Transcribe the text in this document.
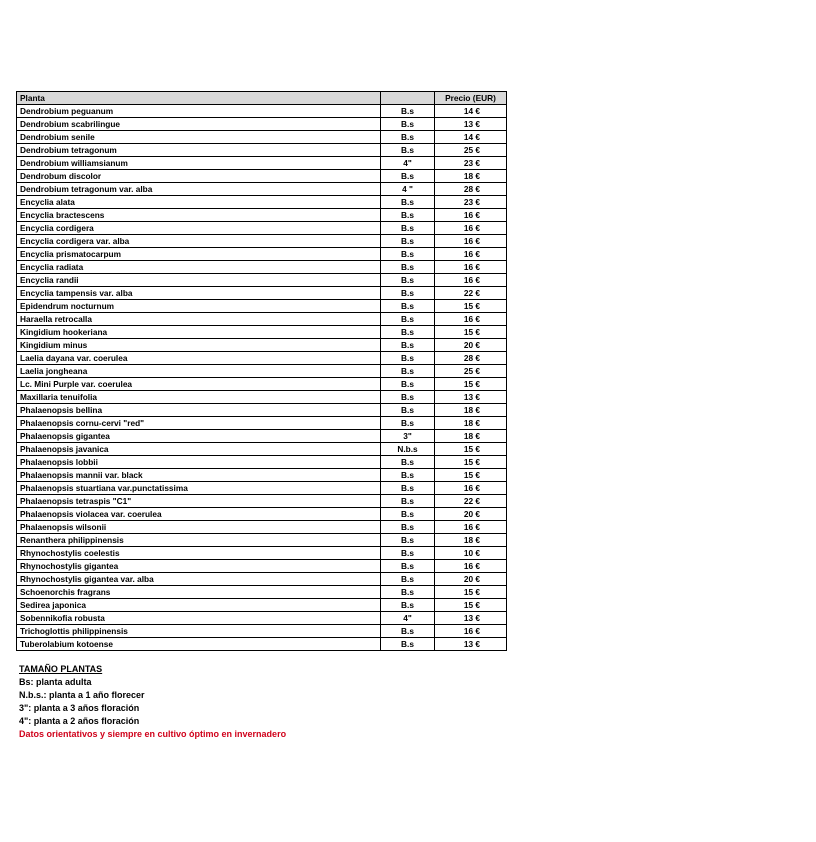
Planta		Precio (EUR)
Dendrobium peguanum	B.s	14 €
Dendrobium scabrilingue	B.s	13 €
Dendrobium senile	B.s	14 €
Dendrobium tetragonum	B.s	25 €
Dendrobium williamsianum	4"	23 €
Dendrobum discolor	B.s	18 €
Dendrobium tetragonum var. alba	4 "	28 €
Encyclia alata	B.s	23 €
Encyclia bractescens	B.s	16 €
Encyclia cordigera	B.s	16 €
Encyclia cordigera var. alba	B.s	16 €
Encyclia prismatocarpum	B.s	16 €
Encyclia radiata	B.s	16 €
Encyclia randii	B.s	16 €
Encyclia tampensis var. alba	B.s	22 €
Epidendrum nocturnum	B.s	15 €
Haraella retrocalla	B.s	16 €
Kingidium hookeriana	B.s	15 €
Kingidium minus	B.s	20 €
Laelia dayana var. coerulea	B.s	28 €
Laelia jongheana	B.s	25 €
Lc. Mini Purple var. coerulea	B.s	15 €
Maxillaria tenuifolia	B.s	13 €
Phalaenopsis bellina	B.s	18 €
Phalaenopsis cornu-cervi "red"	B.s	18 €
Phalaenopsis gigantea	3"	18 €
Phalaenopsis javanica	N.b.s	15 €
Phalaenopsis lobbii	B.s	15 €
Phalaenopsis mannii var. black	B.s	15 €
Phalaenopsis stuartiana var.punctatissima	B.s	16 €
Phalaenopsis tetraspis "C1"	B.s	22 €
Phalaenopsis violacea var. coerulea	B.s	20 €
Phalaenopsis wilsonii	B.s	16 €
Renanthera philippinensis	B.s	18 €
Rhynochostylis coelestis	B.s	10 €
Rhynochostylis gigantea	B.s	16 €
Rhynochostylis gigantea var. alba	B.s	20 €
Schoenorchis fragrans	B.s	15 €
Sedirea japonica	B.s	15 €
Sobennikofia robusta	4"	13 €
Trichoglottis philippinensis	B.s	16 €
Tuberolabium kotoense	B.s	13 €
TAMAÑO PLANTAS
Bs: planta adulta
N.b.s.: planta a 1 año florecer
3": planta a 3 años floración
4": planta a 2 años floración
Datos orientativos y siempre en cultivo óptimo en invernadero
